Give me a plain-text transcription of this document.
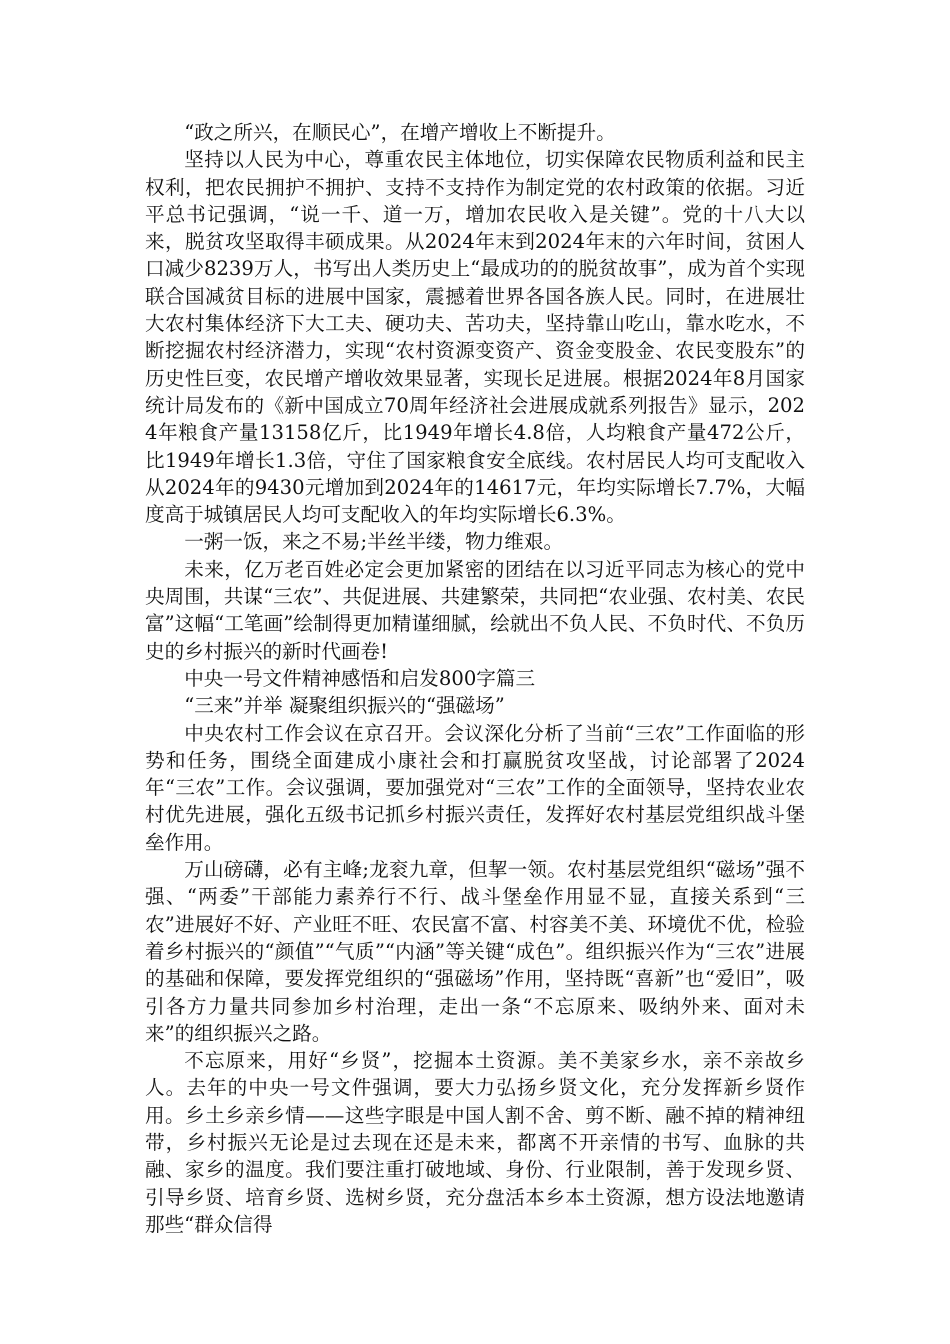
“政之所兴，在顺民心”，在增产增收上不断提升。

坚持以人民为中心，尊重农民主体地位，切实保障农民物质利益和民主权利，把农民拥护不拥护、支持不支持作为制定党的农村政策的依据。习近平总书记强调，“说一千、道一万，增加农民收入是关键”。党的十八大以来，脱贫攻坚取得丰硕成果。从2024年末到2024年末的六年时间，贫困人口减少8239万人，书写出人类历史上“最成功的的脱贫故事”，成为首个实现联合国减贫目标的进展中国家，震撼着世界各国各族人民。同时，在进展壮大农村集体经济下大工夫、硬功夫、苦功夫，坚持靠山吃山，靠水吃水，不断挖掘农村经济潜力，实现“农村资源变资产、资金变股金、农民变股东”的历史性巨变，农民增产增收效果显著，实现长足进展。根据2024年8月国家统计局发布的《新中国成立70周年经济社会进展成就系列报告》显示，2024年粮食产量13158亿斤，比1949年增长4.8倍，人均粮食产量472公斤，比1949年增长1.3倍，守住了国家粮食安全底线。农村居民人均可支配收入从2024年的9430元增加到2024年的14617元，年均实际增长7.7%，大幅度高于城镇居民人均可支配收入的年均实际增长6.3%。

一粥一饭，来之不易;半丝半缕，物力维艰。

未来，亿万老百姓必定会更加紧密的团结在以习近平同志为核心的党中央周围，共谋“三农”、共促进展、共建繁荣，共同把“农业强、农村美、农民富”这幅“工笔画”绘制得更加精谨细腻，绘就出不负人民、不负时代、不负历史的乡村振兴的新时代画卷!

中央一号文件精神感悟和启发800字篇三

“三来”并举 凝聚组织振兴的“强磁场”

中央农村工作会议在京召开。会议深化分析了当前“三农”工作面临的形势和任务，围绕全面建成小康社会和打赢脱贫攻坚战，讨论部署了2024年“三农”工作。会议强调，要加强党对“三农”工作的全面领导，坚持农业农村优先进展，强化五级书记抓乡村振兴责任，发挥好农村基层党组织战斗堡垒作用。

万山磅礴，必有主峰;龙衮九章，但挈一领。农村基层党组织“磁场”强不强、“两委”干部能力素养行不行、战斗堡垒作用显不显，直接关系到“三农”进展好不好、产业旺不旺、农民富不富、村容美不美、环境优不优，检验着乡村振兴的“颜值”“气质”“内涵”等关键“成色”。组织振兴作为“三农”进展的基础和保障，要发挥党组织的“强磁场”作用，坚持既“喜新”也“爱旧”，吸引各方力量共同参加乡村治理，走出一条“不忘原来、吸纳外来、面对未来”的组织振兴之路。

不忘原来，用好“乡贤”，挖掘本土资源。美不美家乡水，亲不亲故乡人。去年的中央一号文件强调，要大力弘扬乡贤文化，充分发挥新乡贤作用。乡土乡亲乡情——这些字眼是中国人割不舍、剪不断、融不掉的精神纽带，乡村振兴无论是过去现在还是未来，都离不开亲情的书写、血脉的共融、家乡的温度。我们要注重打破地域、身份、行业限制，善于发现乡贤、引导乡贤、培育乡贤、选树乡贤，充分盘活本乡本土资源，想方设法地邀请那些“群众信得
